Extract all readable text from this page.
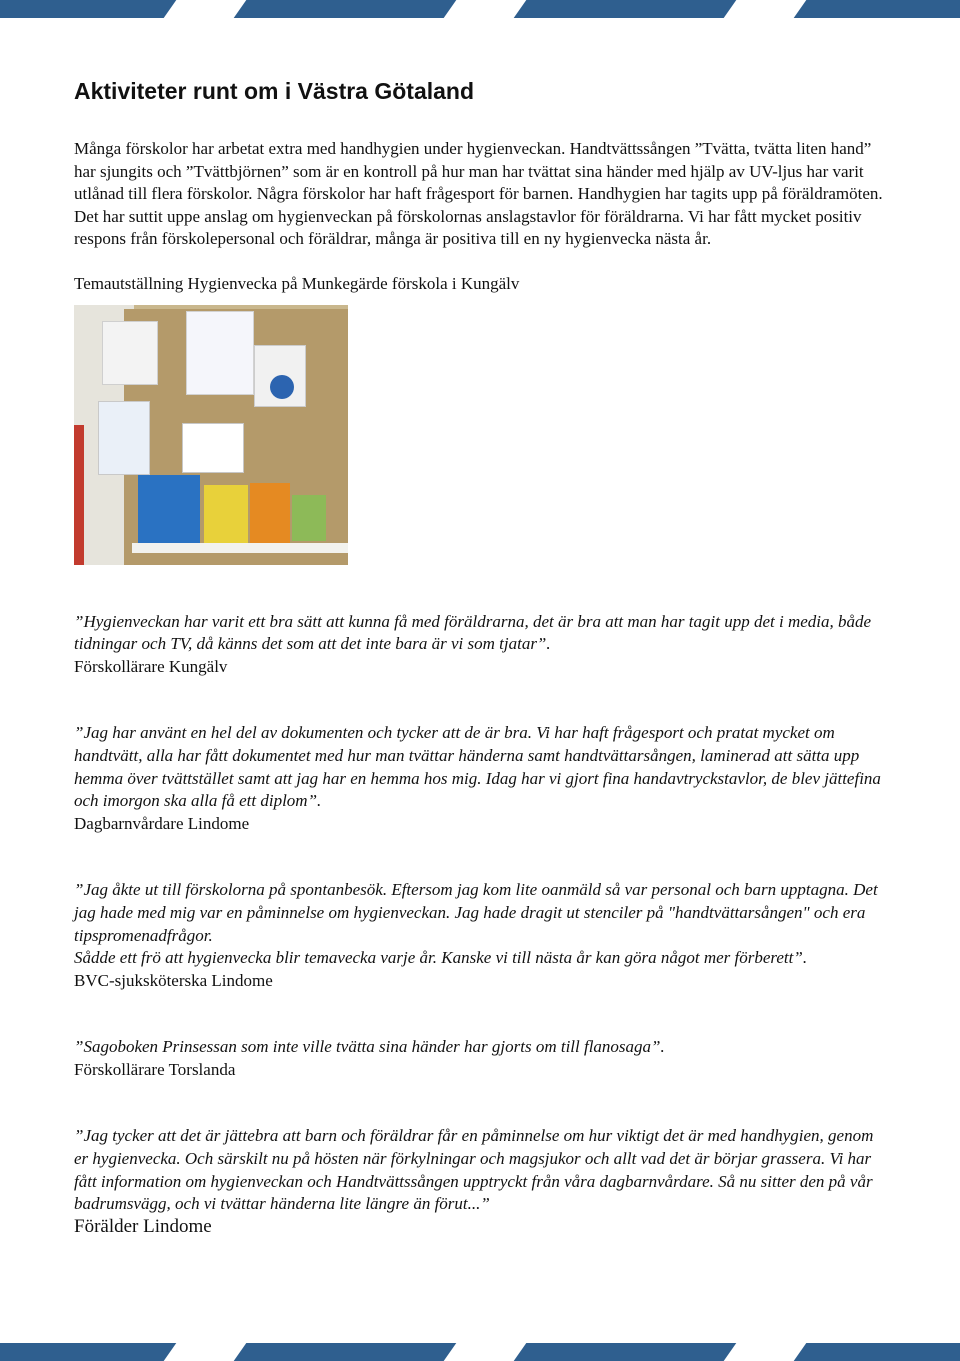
Aktiviteter runt om i Västra Götaland

Många förskolor har arbetat extra med handhygien under hygienveckan. Handtvättssången ”Tvätta, tvätta liten hand” har sjungits och ”Tvättbjörnen” som är en kontroll på hur man har tvättat sina händer med hjälp av UV-ljus har varit utlånad till flera förskolor. Några förskolor har haft frågesport för barnen. Handhygien har tagits upp på föräldramöten. Det har suttit uppe anslag om hygienveckan på förskolornas anslagstavlor för föräldrarna. Vi har fått mycket positiv respons från förskolepersonal och föräldrar, många är positiva till en ny hygienvecka nästa år.

Temautställning Hygienvecka på Munkegärde förskola i Kungälv

”Hygienveckan har varit ett bra sätt att kunna få med föräldrarna, det är bra att man har tagit upp det i media, både tidningar och TV, då känns det som att det inte bara är vi som tjatar”.

Förskollärare Kungälv

”Jag har använt en hel del av dokumenten och tycker att de är bra. Vi har haft frågesport och pratat mycket om handtvätt, alla har fått dokumentet med hur man tvättar händerna samt handtvättarsången, laminerad att sätta upp hemma över tvättstället samt att jag har en hemma hos mig. Idag har vi gjort fina handavtryckstavlor, de blev jättefina och imorgon ska alla få ett diplom”.

Dagbarnvårdare Lindome

”Jag åkte ut till förskolorna på spontanbesök. Eftersom jag kom lite oanmäld så var personal och barn upptagna. Det jag hade med mig var en påminnelse om hygienveckan. Jag hade dragit ut stenciler på "handtvättarsången" och era tipspromenadfrågor.

Sådde ett frö att hygienvecka blir temavecka varje år. Kanske vi till nästa år kan göra något mer förberett”.

BVC-sjuksköterska Lindome

”Sagoboken Prinsessan som inte ville tvätta sina händer har gjorts om till flanosaga”.

Förskollärare Torslanda

”Jag tycker att det är jättebra att barn och föräldrar får en påminnelse om hur viktigt det är med handhygien, genom er hygienvecka. Och särskilt nu på hösten när förkylningar och magsjukor och allt vad det är börjar grassera. Vi har fått information om hygienveckan och Handtvättssången upptryckt från våra dagbarnvårdare. Så nu sitter den på vår badrumsvägg, och vi tvättar händerna lite längre än förut...”

Förälder Lindome
